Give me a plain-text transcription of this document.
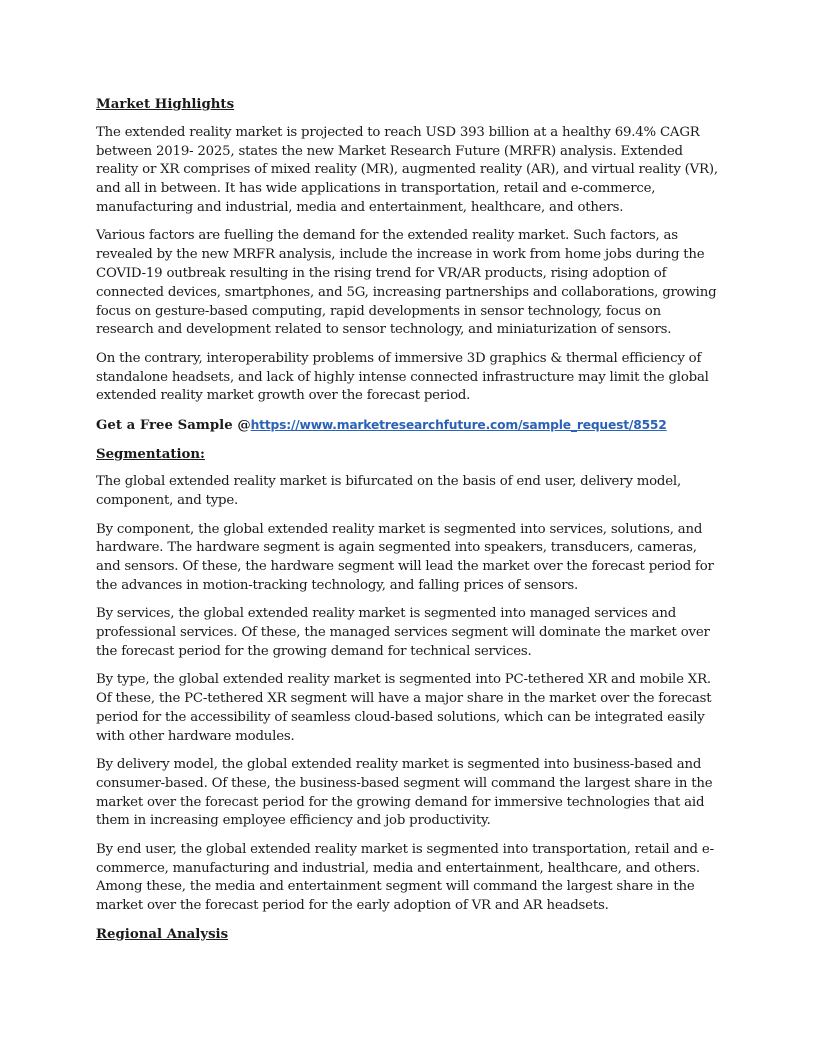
Market Highlights

The extended reality market is projected to reach USD 393 billion at a healthy 69.4% CAGR between 2019- 2025, states the new Market Research Future (MRFR) analysis. Extended reality or XR comprises of mixed reality (MR), augmented reality (AR), and virtual reality (VR), and all in between. It has wide applications in transportation, retail and e-commerce, manufacturing and industrial, media and entertainment, healthcare, and others.

Various factors are fuelling the demand for the extended reality market. Such factors, as revealed by the new MRFR analysis, include the increase in work from home jobs during the COVID-19 outbreak resulting in the rising trend for VR/AR products, rising adoption of connected devices, smartphones, and 5G, increasing partnerships and collaborations, growing focus on gesture-based computing, rapid developments in sensor technology, focus on research and development related to sensor technology, and miniaturization of sensors.

On the contrary, interoperability problems of immersive 3D graphics & thermal efficiency of standalone headsets, and lack of highly intense connected infrastructure may limit the global extended reality market growth over the forecast period.

Get a Free Sample @https://www.marketresearchfuture.com/sample_request/8552
Segmentation:

The global extended reality market is bifurcated on the basis of end user, delivery model, component, and type.

By component, the global extended reality market is segmented into services, solutions, and hardware. The hardware segment is again segmented into speakers, transducers, cameras, and sensors. Of these, the hardware segment will lead the market over the forecast period for the advances in motion-tracking technology, and falling prices of sensors.

By services, the global extended reality market is segmented into managed services and professional services. Of these, the managed services segment will dominate the market over the forecast period for the growing demand for technical services.

By type, the global extended reality market is segmented into PC-tethered XR and mobile XR. Of these, the PC-tethered XR segment will have a major share in the market over the forecast period for the accessibility of seamless cloud-based solutions, which can be integrated easily with other hardware modules.

By delivery model, the global extended reality market is segmented into business-based and consumer-based. Of these, the business-based segment will command the largest share in the market over the forecast period for the growing demand for immersive technologies that aid them in increasing employee efficiency and job productivity.

By end user, the global extended reality market is segmented into transportation, retail and e-commerce, manufacturing and industrial, media and entertainment, healthcare, and others. Among these, the media and entertainment segment will command the largest share in the market over the forecast period for the early adoption of VR and AR headsets.

Regional Analysis
